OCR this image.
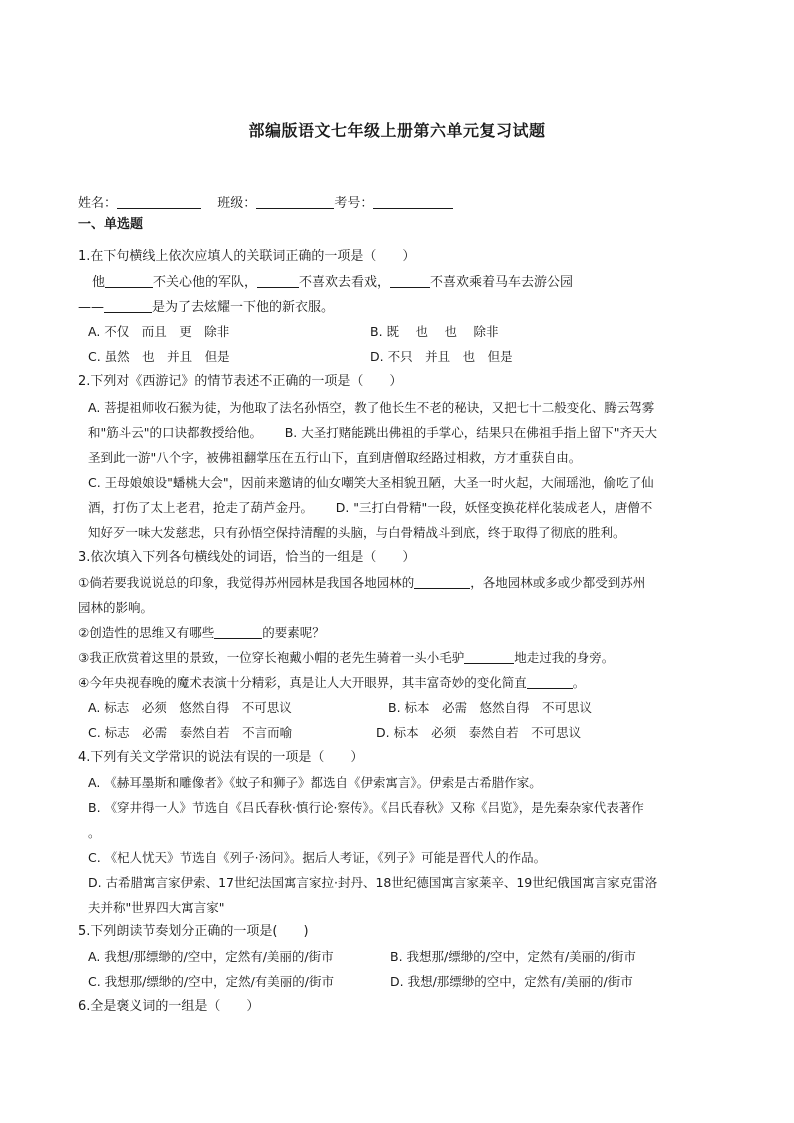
部编版语文七年级上册第六单元复习试题
姓名：	班级：	考号：
一、单选题
1.在下句横线上依次应填人的关联词正确的一项是（　　）
他	不关心他的军队，	不喜欢去看戏，	不喜欢乘着马车去游公园
——	是为了去炫耀一下他的新衣服。
A. 不仅　而且　更　除非	B. 既　 也　 也　 除非
C. 虽然　也　并且　但是	D. 不只　并且　也　但是
2.下列对《西游记》的情节表述不正确的一项是（　　）
A. 菩提祖师收石猴为徒，为他取了法名孙悟空，教了他长生不老的秘诀，又把七十二般变化、腾云驾雾
和"筋斗云"的口诀都教授给他。　　 B. 大圣打赌能跳出佛祖的手掌心，结果只在佛祖手指上留下"齐天大
圣到此一游"八个字，被佛祖翻掌压在五行山下，直到唐僧取经路过相救，方才重获自由。
C. 王母娘娘设"蟠桃大会"，因前来邀请的仙女嘲笑大圣相貌丑陋，大圣一时火起，大闹瑶池，偷吃了仙
酒，打伤了太上老君，抢走了葫芦金丹。　　 D. "三打白骨精"一段，妖怪变换花样化装成老人，唐僧不
知好歹一味大发慈悲，只有孙悟空保持清醒的头脑，与白骨精战斗到底，终于取得了彻底的胜利。
3.依次填入下列各句横线处的词语，恰当的一组是（　　）
①倘若要我说说总的印象，我觉得苏州园林是我国各地园林的	，各地园林或多或少都受到苏州
园林的影响。
②创造性的思维又有哪些	的要素呢？
③我正欣赏着这里的景致，一位穿长袍戴小帽的老先生骑着一头小毛驴	地走过我的身旁。
④今年央视春晚的魔术表演十分精彩，真是让人大开眼界，其丰富奇妙的变化简直	。
A. 标志　必须　悠然自得　不可思议	B. 标本　必需　悠然自得　不可思议
C. 标志　必需　泰然自若　不言而喻	D. 标本　必须　泰然自若　不可思议
4.下列有关文学常识的说法有误的一项是（　　）
A. 《赫耳墨斯和雕像者》《蚊子和狮子》都选自《伊索寓言》。伊索是古希腊作家。
B. 《穿井得一人》节选自《吕氏春秋·慎行论·察传》。《吕氏春秋》又称《吕览》，是先秦杂家代表著作
。
C. 《杞人忧天》节选自《列子·汤问》。据后人考证，《列子》可能是晋代人的作品。
D. 古希腊寓言家伊索、17世纪法国寓言家拉·封丹、18世纪德国寓言家莱辛、19世纪俄国寓言家克雷洛
夫并称"世界四大寓言家"
5.下列朗读节奏划分正确的一项是(　　)
A. 我想/那缥缈的/空中，定然有/美丽的/街市	B. 我想那/缥缈的/空中，定然有/美丽的/街市
C. 我想那/缥缈的/空中，定然/有美丽的/街市	D. 我想/那缥缈的空中，定然有/美丽的/街市
6.全是褒义词的一组是（　　）
